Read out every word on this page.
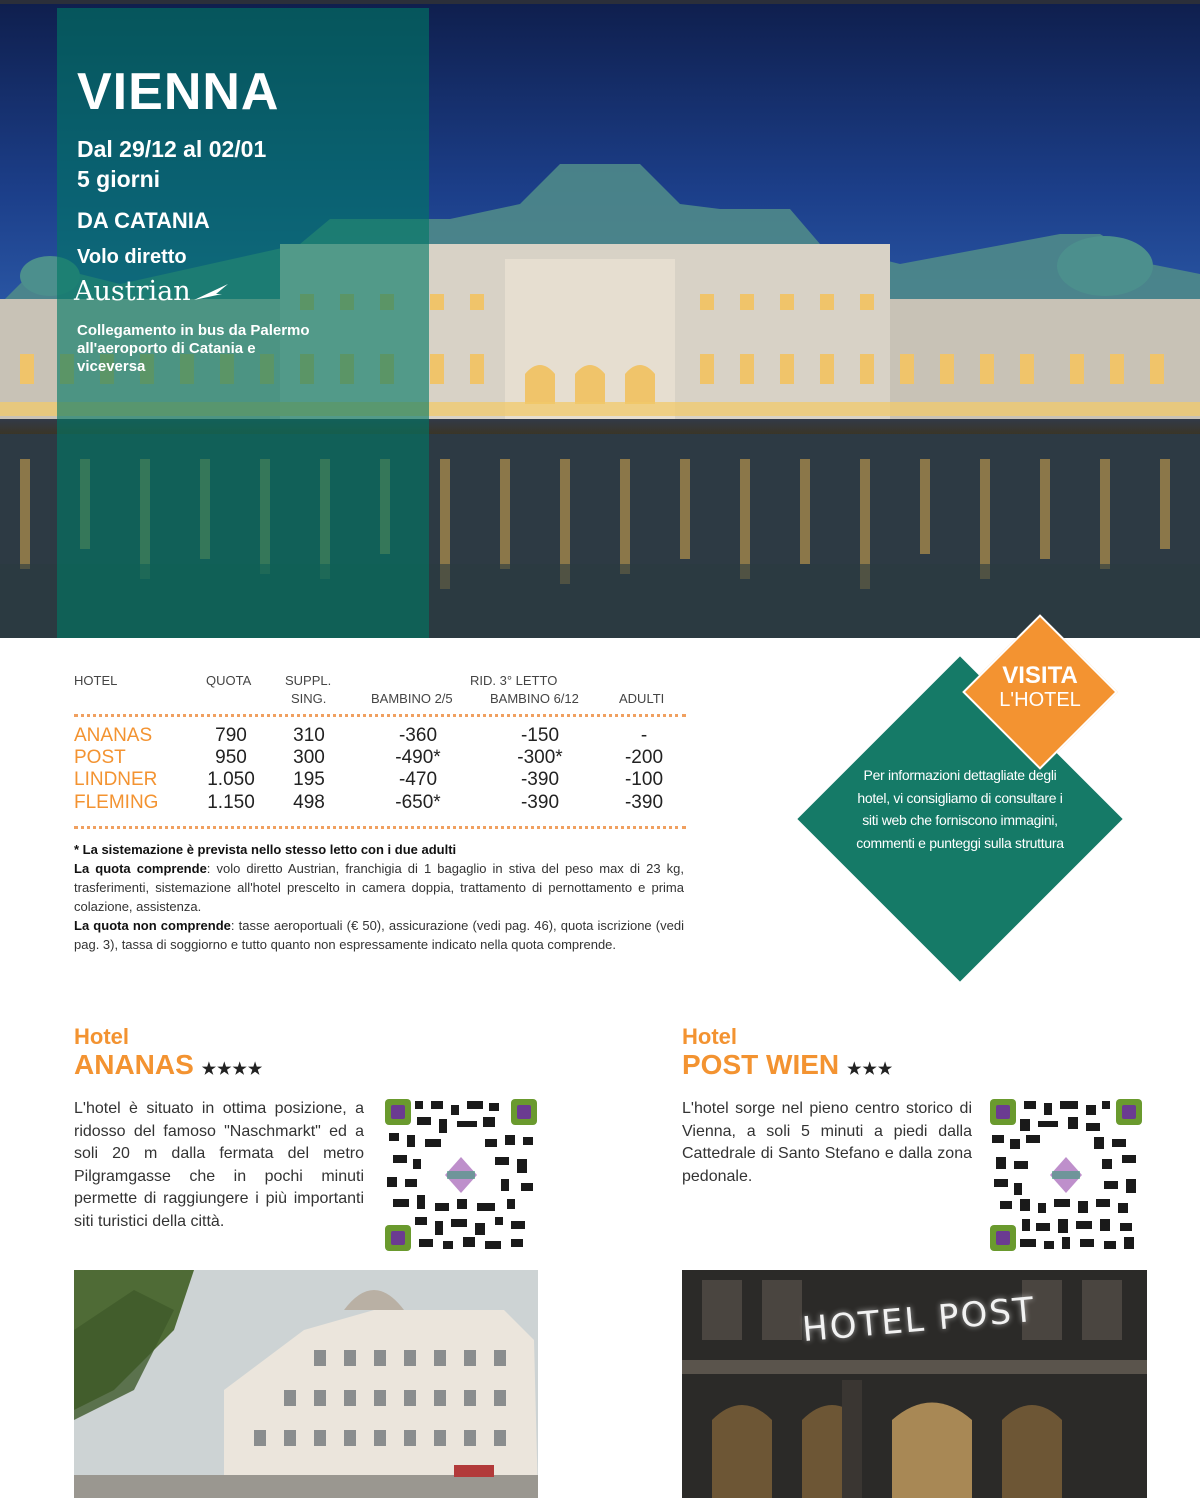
VIENNA
Dal 29/12 al 02/01
5 giorni
DA CATANIA
Volo diretto
Austrian
Collegamento in bus da Palermo all'aeroporto di Catania e viceversa
HOTEL	QUOTA	SUPPL.
SING.
RID. 3° LETTO
BAMBINO 2/5	BAMBINO 6/12	ADULTI
ANANAS	790	310	-360	-150	-
POST	950	300	-490*	-300*	-200
LINDNER	1.050	195	-470	-390	-100
FLEMING	1.150	498	-650*	-390	-390
* La sistemazione è prevista nello stesso letto con i due adulti
La quota comprende: volo diretto Austrian, franchigia di 1 bagaglio in stiva del peso max di 23 kg, trasferimenti, sistemazione all'hotel prescelto in camera doppia, trattamento di pernottamento e prima colazione, assistenza.
La quota non comprende: tasse aeroportuali (€ 50), assicurazione (vedi pag. 46), quota iscrizione (vedi pag. 3), tassa di soggiorno e tutto quanto non espressamente indicato nella quota comprende.
VISITA
L'HOTEL
Per informazioni dettagliate degli hotel, vi consigliamo di consultare i siti web che forniscono immagini, commenti e punteggi sulla struttura
Hotel
ANANAS ★★★★
L'hotel è situato in ottima posizione, a ridosso del famoso "Naschmarkt" ed a soli 20 m dalla fermata del metro Pilgramgasse che in pochi minuti permette di raggiungere i più importanti siti turistici della città.
Hotel
POST WIEN ★★★
L'hotel sorge nel pieno centro storico di Vienna, a soli 5 minuti a piedi dalla Cattedrale di Santo Stefano e dalla zona pedonale.
HOTEL POST
